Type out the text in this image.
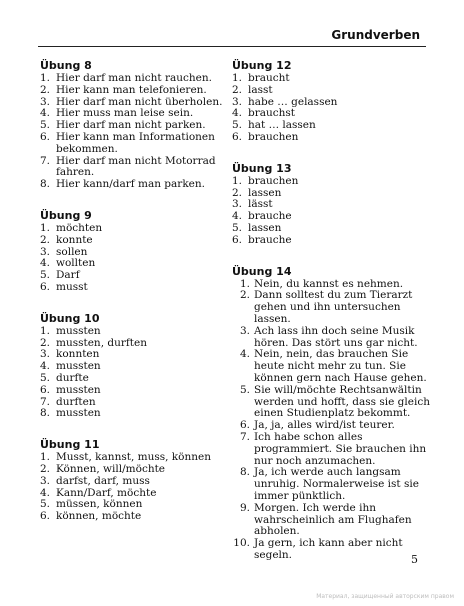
Grundverben
Übung 8
1. Hier darf man nicht rauchen.
2. Hier kann man telefonieren.
3. Hier darf man nicht überholen.
4. Hier muss man leise sein.
5. Hier darf man nicht parken.
6. Hier kann man Informationen bekommen.
7. Hier darf man nicht Motorrad fahren.
8. Hier kann/darf man parken.
Übung 9
1. möchten
2. konnte
3. sollen
4. wollten
5. Darf
6. musst
Übung 10
1. mussten
2. mussten, durften
3. konnten
4. mussten
5. durfte
6. mussten
7. durften
8. mussten
Übung 11
1. Musst, kannst, muss, können
2. Können, will/möchte
3. darfst, darf, muss
4. Kann/Darf, möchte
5. müssen, können
6. können, möchte
Übung 12
1. braucht
2. lasst
3. habe … gelassen
4. brauchst
5. hat … lassen
6. brauchen
Übung 13
1. brauchen
2. lassen
3. lässt
4. brauche
5. lassen
6. brauche
Übung 14
1. Nein, du kannst es nehmen.
2. Dann solltest du zum Tierarzt gehen und ihn untersuchen lassen.
3. Ach lass ihn doch seine Musik hören. Das stört uns gar nicht.
4. Nein, nein, das brauchen Sie heute nicht mehr zu tun. Sie können gern nach Hause gehen.
5. Sie will/möchte Rechtsanwältin werden und hofft, dass sie gleich einen Studienplatz bekommt.
6. Ja, ja, alles wird/ist teurer.
7. Ich habe schon alles programmiert. Sie brauchen ihn nur noch anzumachen.
8. Ja, ich werde auch langsam unruhig. Normalerweise ist sie immer pünktlich.
9. Morgen. Ich werde ihn wahrscheinlich am Flughafen abholen.
10. Ja gern, ich kann aber nicht segeln.	5
Материал, защищенный авторским правом
